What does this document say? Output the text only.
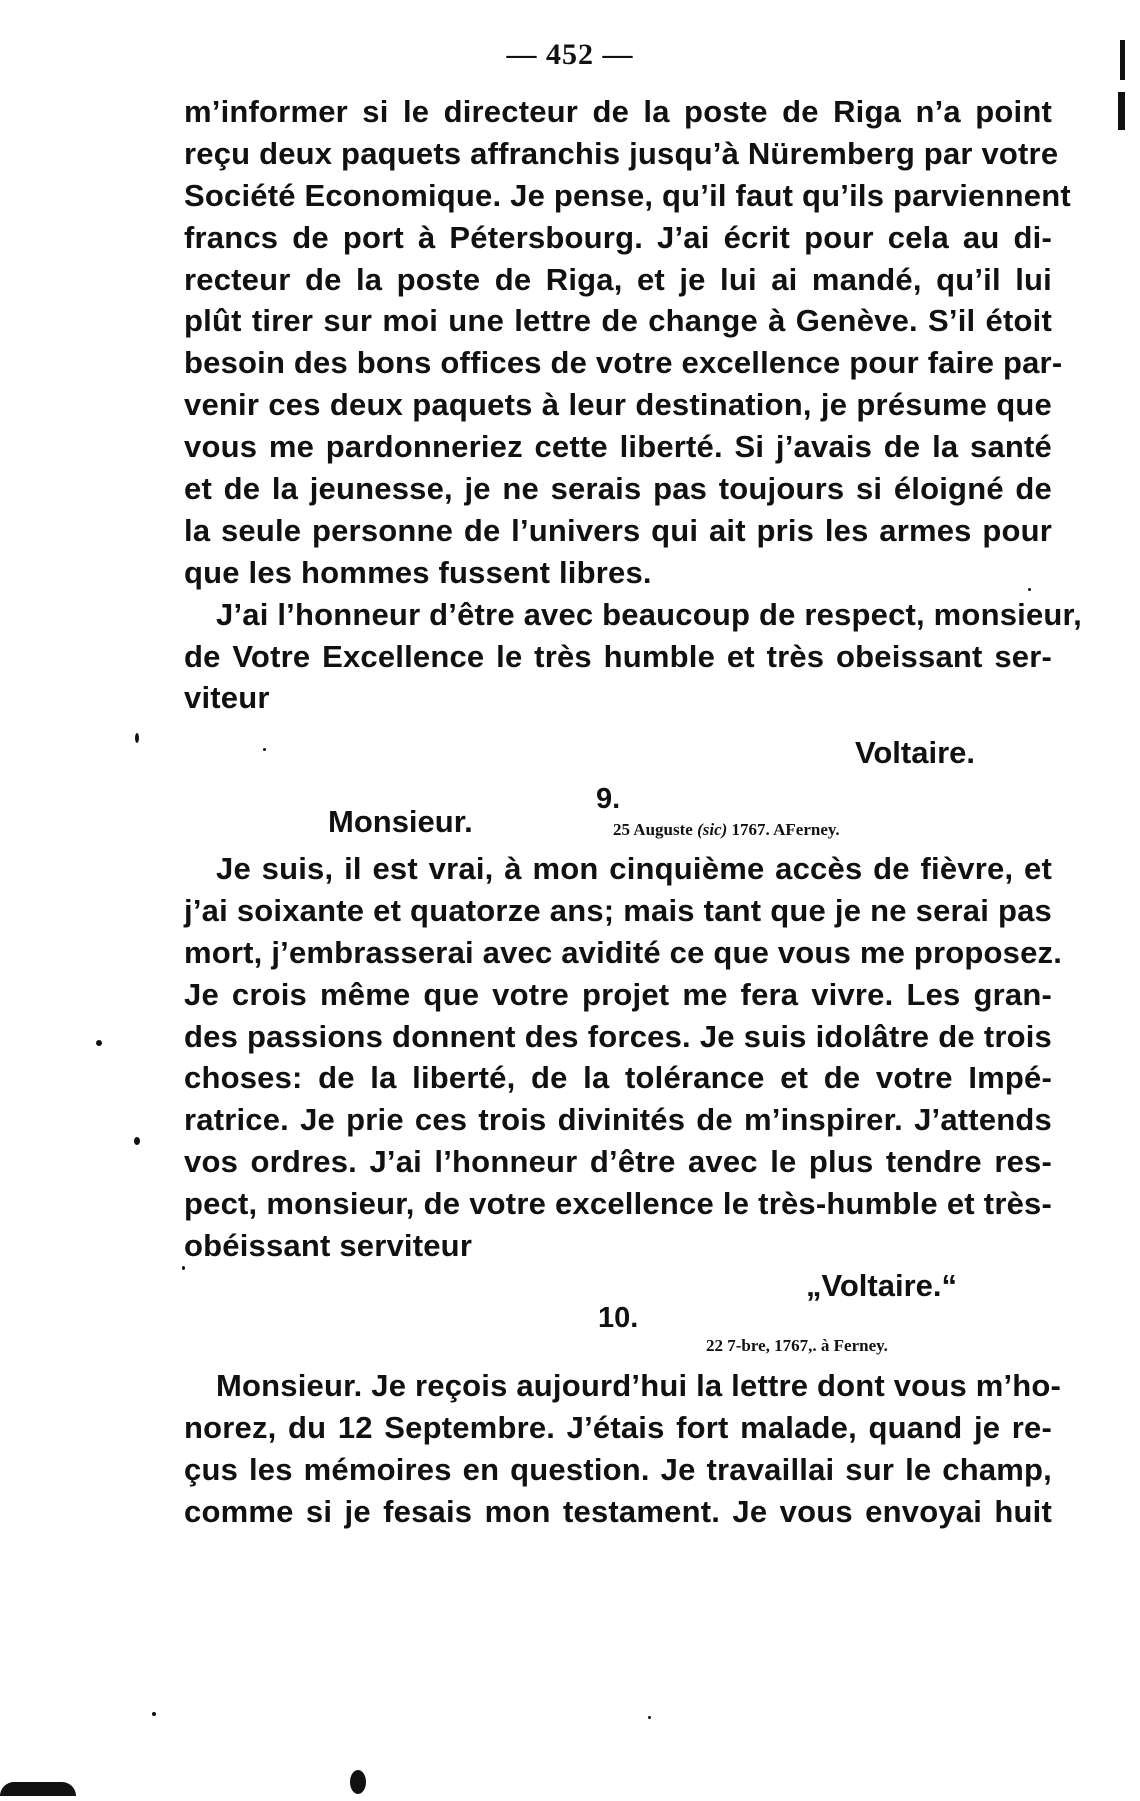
— 452 —
m’informer si le directeur de la poste de Riga n’a point
reçu deux paquets affranchis jusqu’à Nüremberg par votre
Société Economique. Je pense, qu’il faut qu’ils parviennent
francs de port à Pétersbourg. J’ai écrit pour cela au di-
recteur de la poste de Riga, et je lui ai mandé, qu’il lui
plût tirer sur moi une lettre de change à Genève. S’il étoit
besoin des bons offices de votre excellence pour faire par-
venir ces deux paquets à leur destination, je présume que
vous me pardonneriez cette liberté. Si j’avais de la santé
et de la jeunesse, je ne serais pas toujours si éloigné de
la seule personne de l’univers qui ait pris les armes pour
que les hommes fussent libres.
J’ai l’honneur d’être avec beaucoup de respect, monsieur,
de Votre Excellence le très humble et très obeissant ser-
viteur
Voltaire.
9.
Monsieur.	25 Auguste (sic) 1767. AFerney.
Je suis, il est vrai, à mon cinquième accès de fièvre, et
j’ai soixante et quatorze ans; mais tant que je ne serai pas
mort, j’embrasserai avec avidité ce que vous me proposez.
Je crois même que votre projet me fera vivre. Les gran-
des passions donnent des forces. Je suis idolâtre de trois
choses: de la liberté, de la tolérance et de votre Impé-
ratrice. Je prie ces trois divinités de m’inspirer. J’attends
vos ordres. J’ai l’honneur d’être avec le plus tendre res-
pect, monsieur, de votre excellence le très-humble et très-
obéissant serviteur
„Voltaire.“
10.
22 7-bre, 1767,. à Ferney.
Monsieur. Je reçois aujourd’hui la lettre dont vous m’ho-
norez, du 12 Septembre. J’étais fort malade, quand je re-
çus les mémoires en question. Je travaillai sur le champ,
comme si je fesais mon testament. Je vous envoyai huit
